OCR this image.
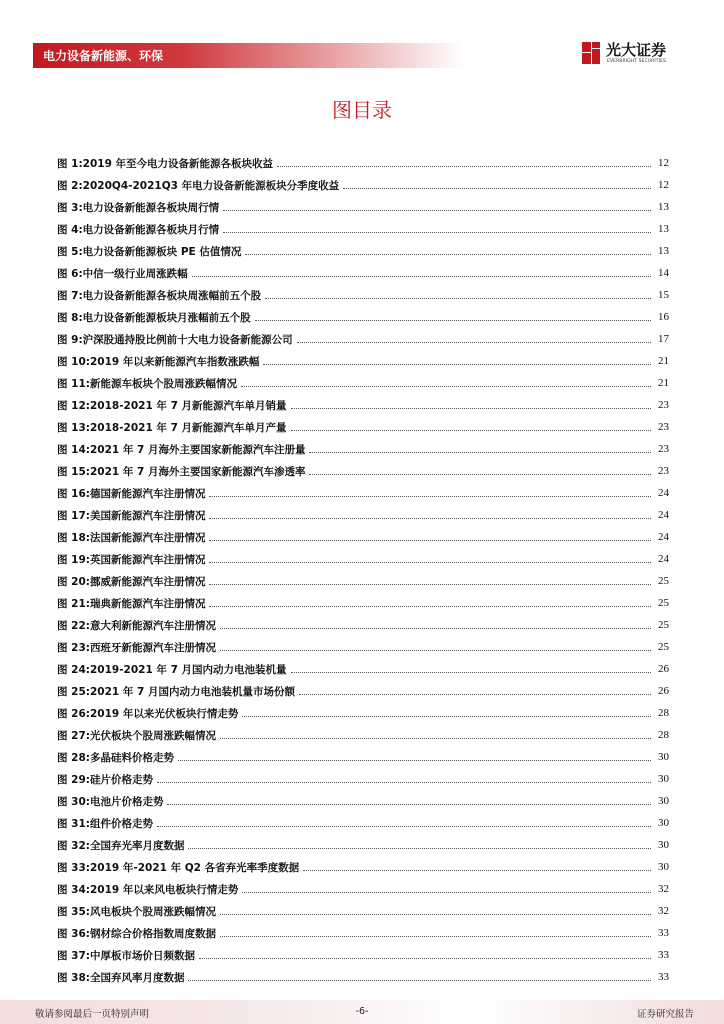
电力设备新能源、环保	光大证券
EVERBRIGHT SECURITIES
图目录
图 1: 2019 年至今电力设备新能源各板块收益	12
图 2: 2020Q4-2021Q3 年电力设备新能源板块分季度收益	12
图 3: 电力设备新能源各板块周行情	13
图 4: 电力设备新能源各板块月行情	13
图 5: 电力设备新能源板块 PE 估值情况	13
图 6: 中信一级行业周涨跌幅	14
图 7: 电力设备新能源各板块周涨幅前五个股	15
图 8: 电力设备新能源板块月涨幅前五个股	16
图 9: 沪深股通持股比例前十大电力设备新能源公司	17
图 10: 2019 年以来新能源汽车指数涨跌幅	21
图 11: 新能源车板块个股周涨跌幅情况	21
图 12: 2018-2021 年 7 月新能源汽车单月销量	23
图 13: 2018-2021 年 7 月新能源汽车单月产量	23
图 14: 2021 年 7 月海外主要国家新能源汽车注册量	23
图 15: 2021 年 7 月海外主要国家新能源汽车渗透率	23
图 16: 德国新能源汽车注册情况	24
图 17: 美国新能源汽车注册情况	24
图 18: 法国新能源汽车注册情况	24
图 19: 英国新能源汽车注册情况	24
图 20: 挪威新能源汽车注册情况	25
图 21: 瑞典新能源汽车注册情况	25
图 22: 意大利新能源汽车注册情况	25
图 23: 西班牙新能源汽车注册情况	25
图 24: 2019-2021 年 7 月国内动力电池装机量	26
图 25: 2021 年 7 月国内动力电池装机量市场份额	26
图 26: 2019 年以来光伏板块行情走势	28
图 27: 光伏板块个股周涨跌幅情况	28
图 28: 多晶硅料价格走势	30
图 29: 硅片价格走势	30
图 30: 电池片价格走势	30
图 31: 组件价格走势	30
图 32: 全国弃光率月度数据	30
图 33: 2019 年-2021 年 Q2 各省弃光率季度数据	30
图 34: 2019 年以来风电板块行情走势	32
图 35: 风电板块个股周涨跌幅情况	32
图 36: 钢材综合价格指数周度数据	33
图 37: 中厚板市场价日频数据	33
图 38: 全国弃风率月度数据	33
敬请参阅最后一页特别声明	-6-	证券研究报告
